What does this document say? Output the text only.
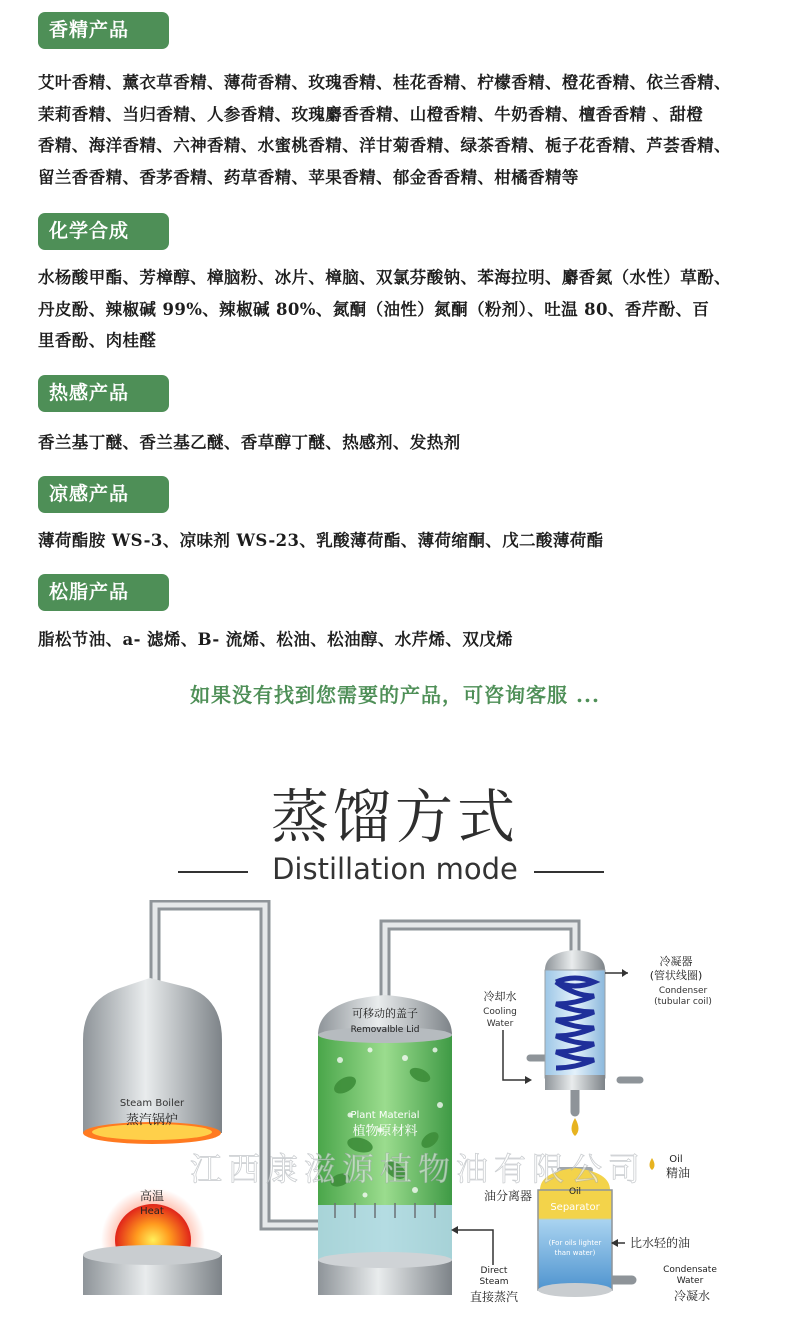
香精产品
艾叶香精、薰衣草香精、薄荷香精、玫瑰香精、桂花香精、柠檬香精、橙花香精、依兰香精、
茉莉香精、当归香精、人参香精、玫瑰麝香香精、山橙香精、牛奶香精、檀香香精 、甜橙
香精、海洋香精、六神香精、水蜜桃香精、洋甘菊香精、绿茶香精、栀子花香精、芦荟香精、
留兰香香精、香茅香精、药草香精、苹果香精、郁金香香精、柑橘香精等
化学合成
水杨酸甲酯、芳樟醇、樟脑粉、冰片、樟脑、双氯芬酸钠、苯海拉明、麝香氮（水性）草酚、
丹皮酚、辣椒碱 99%、辣椒碱 80%、氮酮（油性）氮酮（粉剂）、吐温 80、香芹酚、百
里香酚、肉桂醛
热感产品
香兰基丁醚、香兰基乙醚、香草醇丁醚、热感剂、发热剂
凉感产品
薄荷酯胺 WS-3、凉味剂 WS-23、乳酸薄荷酯、薄荷缩酮、戊二酸薄荷酯
松脂产品
脂松节油、a- 滤烯、B- 流烯、松油、松油醇、水芹烯、双戊烯
如果没有找到您需要的产品，可咨询客服 ...
蒸馏方式
Distillation mode
Steam Boiler
蒸汽锅炉
高温
Heat
可移动的盖子
Removalble Lid
Plant Material
植物原材料
冷凝器
(管状线圈)
Condenser
(tubular coil)
冷却水
Cooling
Water
Oil
精油
Oil
Separator
(For oils lighter
than water)
油分离器
比水轻的油
Condensate
Water
冷凝水
Direct
Steam
直接蒸汽
江西康滋源植物油有限公司
